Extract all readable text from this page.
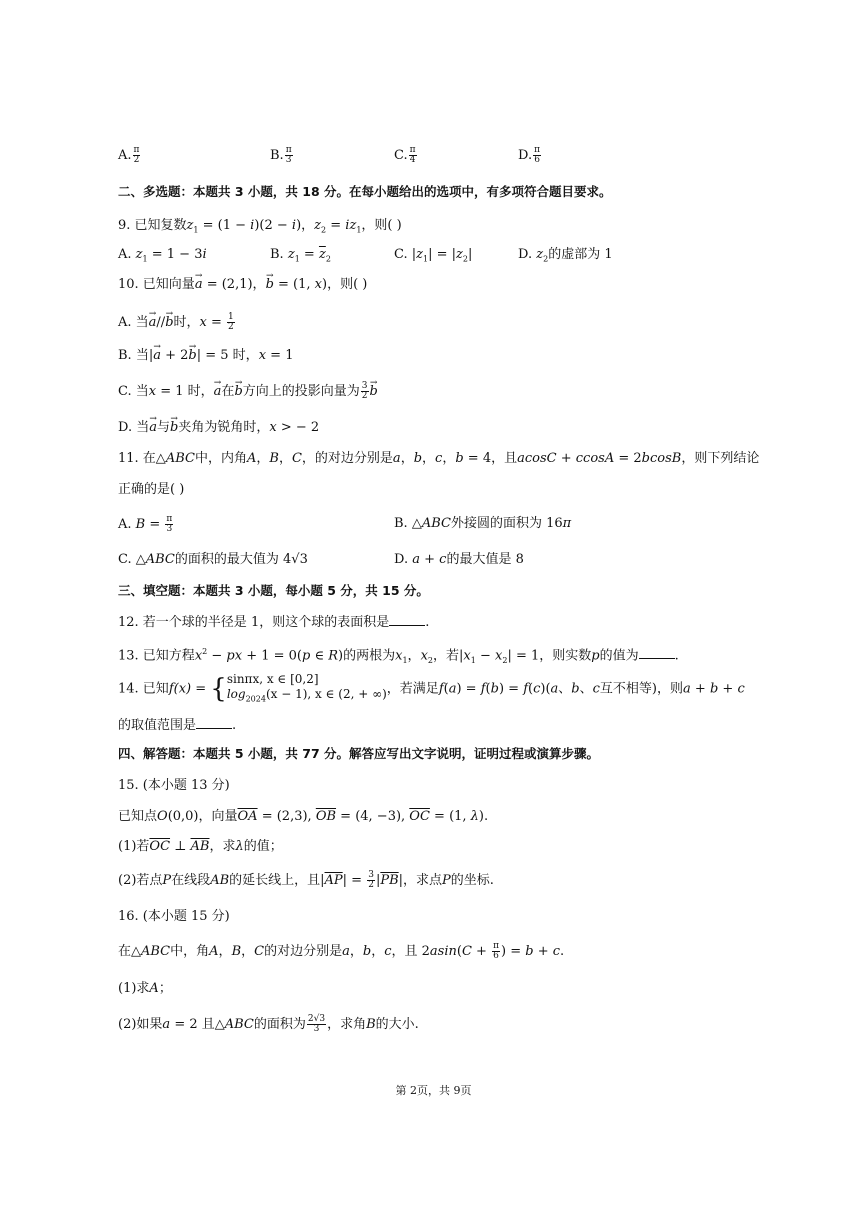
A. $\frac{\pi}{2}$	B. $\frac{\pi}{3}$	C. $\frac{\pi}{4}$	D. $\frac{\pi}{6}$
二、多选题：本题共 3 小题，共 18 分。在每小题给出的选项中，有多项符合题目要求。
9. 已知复数$z_1 = (1 - i)(2 - i)$，$z_2 = iz_1$，则( )
A. $z_1 = 1 - 3i$	B. $z_1 = \overline{z}_2$	C. $|z_1| = |z_2|$	D. $z_2$的虚部为 1
10. 已知向量→ a = (2,1)，→ b = (1, x)，则( )
A. 当→ a//→ b时，$x = \frac{1}{2}$
B. 当|→ a + 2→ b| = 5 时，x = 1
C. 当x = 1 时，→ a在→ b方向上的投影向量为 $\frac{3}{2} \to b$
D. 当→ a与→ b夹角为锐角时，x > − 2
11. 在△ABC中，内角A，B，C，的对边分别是a，b，c，b = 4，且acosC + ccosA = 2bcosB，则下列结论
正确的是( )
A. $B = \frac{\pi}{3}$	B. △ABC外接圆的面积为 16π
C. △ABC的面积的最大值为 4√3	D. a + c的最大值是 8
三、填空题：本题共 3 小题，每小题 5 分，共 15 分。
12. 若一个球的半径是 1，则这个球的表面积是	.
13. 已知方程$x^2$ − px + 1 = 0(p ∈ R)的两根为$x_1$，$x_2$，若$|x_1 - x_2| = 1$，则实数p的值为	.
14. 已知f(x) = { sinπx, x ∈ [0,2]
$\log_{2024}(x - 1)$, x ∈ (2, + ∞) ，若满足f(a) = f(b) = f(c)(a、b、c互不相等)，则a + b + c
的取值范围是	.
四、解答题：本题共 5 小题，共 77 分。解答应写出文字说明，证明过程或演算步骤。
15. (本小题 13 分)
已知点O(0,0)，向量$\overline{OA} = (2,3)$, $\overline{OB} = (4$, −3), $\overline{OC} = (1$, λ).
(1)若$\overline{OC}$ ⊥ $\overline{AB}$，求λ的值；
(2)若点P在线段AB的延长线上，且$|\overline{AP}| = \frac{3}{2} |\overline{PB}|$，求点P的坐标.
16. (本小题 15 分)
在△ABC中，角A，B，C的对边分别是a，b，c，且 $2asin(C + \frac{\pi}{6}$ ) = b + c.
(1)求A；
(2)如果a = 2 且△ABC的面积为 $\frac{2√3}{3}$ ，求角B的大小.
第 2页，共 9页
